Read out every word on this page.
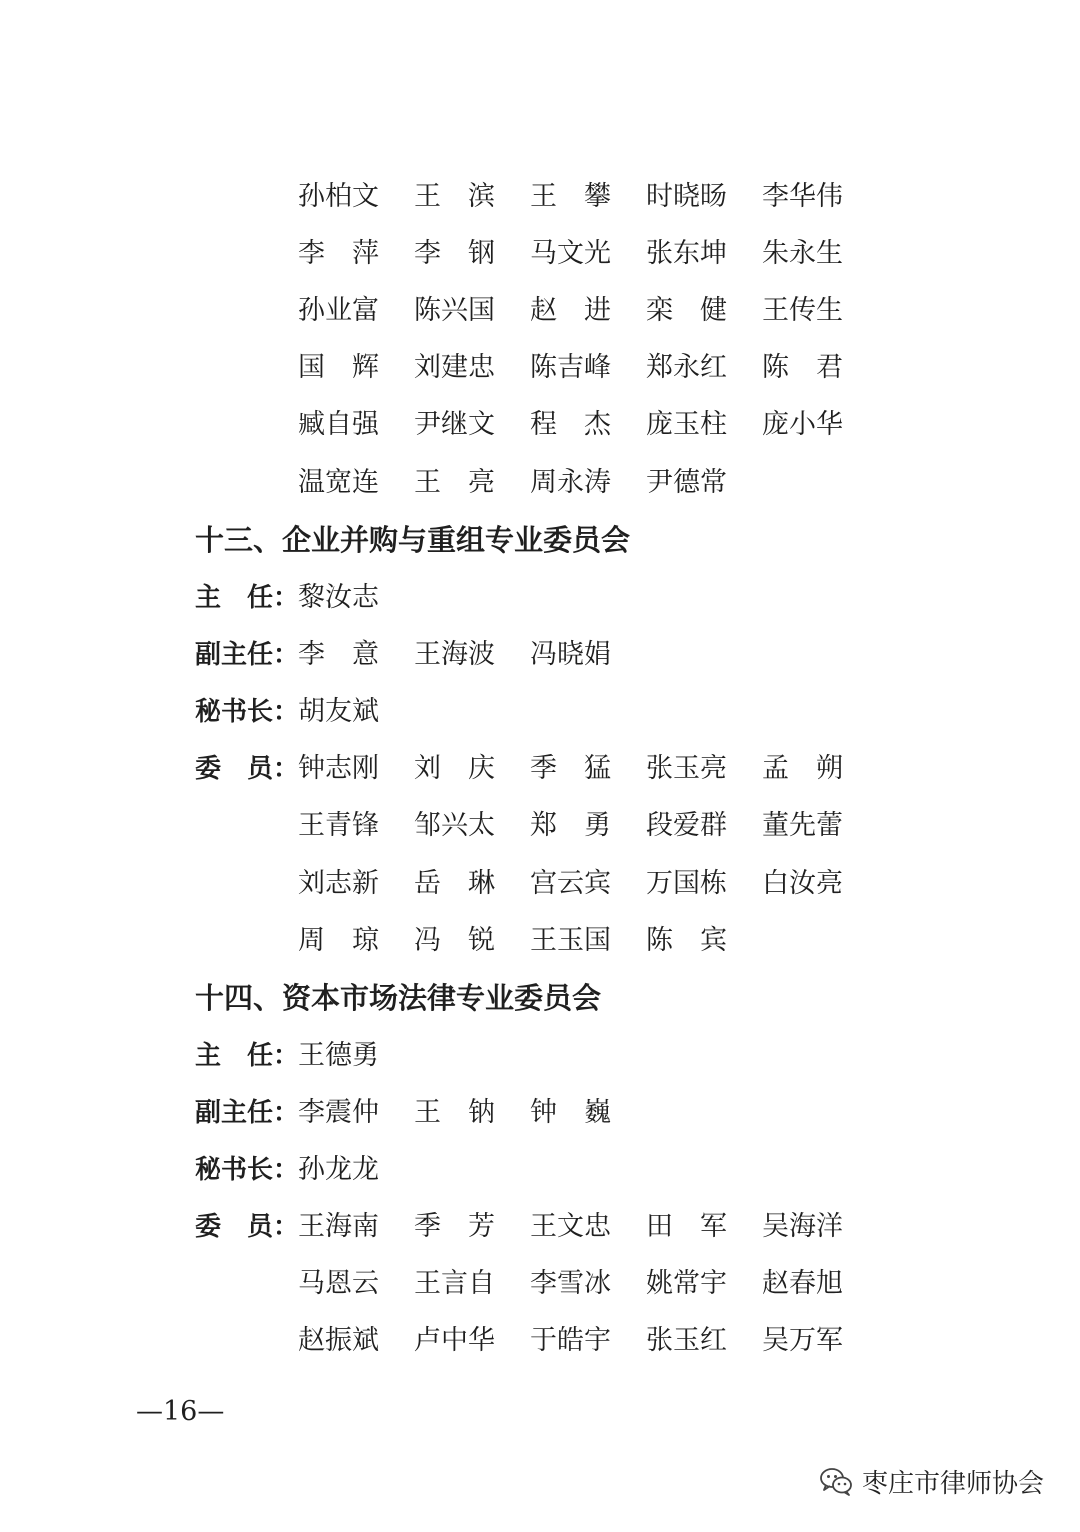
孙柏文	王　滨	王　攀	时晓旸	李华伟
李　萍	李　钢	马文光	张东坤	朱永生
孙业富	陈兴国	赵　进	栾　健	王传生
国　辉	刘建忠	陈吉峰	郑永红	陈　君
臧自强	尹继文	程　杰	庞玉柱	庞小华
温宽连	王　亮	周永涛	尹德常
十三、企业并购与重组专业委员会
主　任：
黎汝志
副主任：
李　意	王海波	冯晓娟
秘书长：
胡友斌
委　员：
钟志刚	刘　庆	季　猛	张玉亮	孟　朔
王青锋	邹兴太	郑　勇	段爱群	董先蕾
刘志新	岳　琳	宫云宾	万国栋	白汝亮
周　琼	冯　锐	王玉国	陈　宾
十四、资本市场法律专业委员会
主　任：
王德勇
副主任：
李震仲	王　钠	钟　巍
秘书长：
孙龙龙
委　员：
王海南	季　芳	王文忠	田　军	吴海洋
马恩云	王言自	李雪冰	姚常宇	赵春旭
赵振斌	卢中华	于皓宇	张玉红	吴万军
—16—
枣庄市律师协会
